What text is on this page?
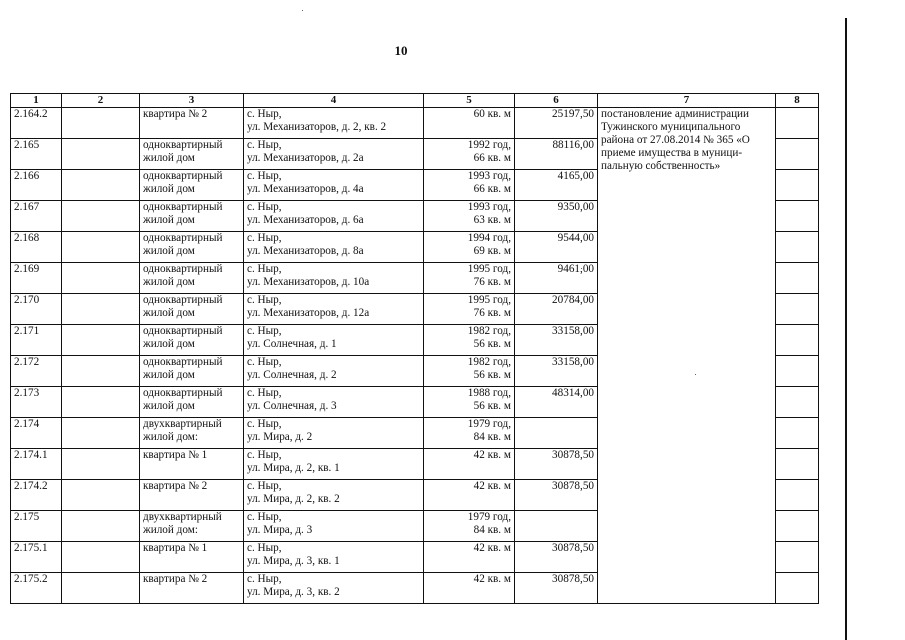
10
1	2	3	4	5	6	7	8
2.164.2		квартира № 2	с. Ныр,
ул. Механизаторов, д. 2, кв. 2	60 кв. м	25197,50	постановление администрации
Тужинского муниципального
района от 27.08.2014 № 365 «О
приеме имущества в муници-
пальную собственность»	

2.165		одноквартирный
жилой дом	с. Ныр,
ул. Механизаторов, д. 2а	1992 год,
66 кв. м	88116,00		
2.166		одноквартирный
жилой дом	с. Ныр,
ул. Механизаторов, д. 4а	1993 год,
66 кв. м	4165,00		
2.167		одноквартирный
жилой дом	с. Ныр,
ул. Механизаторов, д. 6а	1993 год,
63 кв. м	9350,00		
2.168		одноквартирный
жилой дом	с. Ныр,
ул. Механизаторов, д. 8а	1994 год,
69 кв. м	9544,00		
2.169		одноквартирный
жилой дом	с. Ныр,
ул. Механизаторов, д. 10а	1995 год,
76 кв. м	9461,00		
2.170		одноквартирный
жилой дом	с. Ныр,
ул. Механизаторов, д. 12а	1995 год,
76 кв. м	20784,00		
2.171		одноквартирный
жилой дом	с. Ныр,
ул. Солнечная, д. 1	1982 год,
56 кв. м	33158,00		
2.172		одноквартирный
жилой дом	с. Ныр,
ул. Солнечная, д. 2	1982 год,
56 кв. м	33158,00		
2.173		одноквартирный
жилой дом	с. Ныр,
ул. Солнечная, д. 3	1988 год,
56 кв. м	48314,00		
2.174		двухквартирный
жилой дом:	с. Ныр,
ул. Мира, д. 2	1979 год,
84 кв. м			

2.174.1		квартира № 1	с. Ныр,
ул. Мира, д. 2, кв. 1	42 кв. м	30878,50		
2.174.2		квартира № 2	с. Ныр,
ул. Мира, д. 2, кв. 2	42 кв. м	30878,50		
2.175		двухквартирный
жилой дом:	с. Ныр,
ул. Мира, д. 3	1979 год,
84 кв. м			

2.175.1		квартира № 1	с. Ныр,
ул. Мира, д. 3, кв. 1	42 кв. м	30878,50		
2.175.2		квартира № 2	с. Ныр,
ул. Мира, д. 3, кв. 2	42 кв. м	30878,50		
